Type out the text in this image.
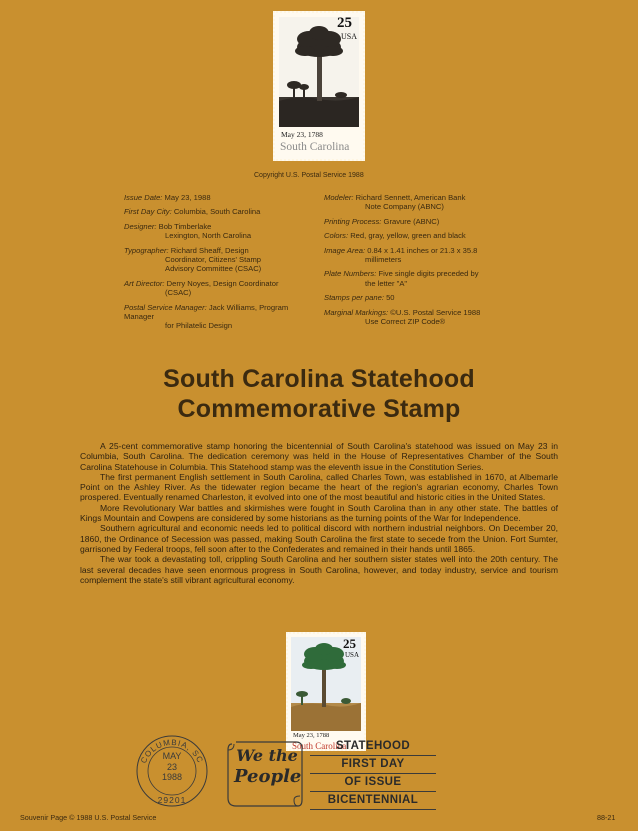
25
USA
May 23, 1788
South Carolina
Copyright U.S. Postal Service 1988
Issue Date: May 23, 1988
First Day City: Columbia, South Carolina
Designer: Bob Timberlake
Lexington, North Carolina
Typographer: Richard Sheaff, Design
Coordinator, Citizens' Stamp
Advisory Committee (CSAC)
Art Director: Derry Noyes, Design Coordinator
(CSAC)
Postal Service Manager: Jack Williams, Program Manager
for Philatelic Design
Modeler: Richard Sennett, American Bank
Note Company (ABNC)
Printing Process: Gravure (ABNC)
Colors: Red, gray, yellow, green and black
Image Area: 0.84 x 1.41 inches or 21.3 x 35.8
millimeters
Plate Numbers: Five single digits preceded by
the letter "A"
Stamps per pane: 50
Marginal Markings: ©U.S. Postal Service 1988
Use Correct ZIP Code®
South Carolina Statehood
Commemorative Stamp

A 25-cent commemorative stamp honoring the bicentennial of South Carolina's statehood was issued on May 23 in Columbia, South Carolina. The dedication ceremony was held in the House of Representatives Chamber of the South Carolina Statehouse in Columbia. This Statehood stamp was the eleventh issue in the Constitution Series.

The first permanent English settlement in South Carolina, called Charles Town, was established in 1670, at Albemarle Point on the Ashley River. As the tidewater region became the heart of the region's agrarian economy, Charles Town prospered. Eventually renamed Charleston, it evolved into one of the most beautiful and historic cities in the United States.

More Revolutionary War battles and skirmishes were fought in South Carolina than in any other state. The battles of Kings Mountain and Cowpens are considered by some historians as the turning points of the War for Independence.

Southern agricultural and economic needs led to political discord with northern industrial neighbors. On December 20, 1860, the Ordinance of Secession was passed, making South Carolina the first state to secede from the Union. Fort Sumter, garrisoned by Federal troops, fell soon after to the Confederates and remained in their hands until 1865.

The war took a devastating toll, crippling South Carolina and her southern sister states well into the 20th century. The last several decades have seen enormous progress in South Carolina, however, and today industry, service and tourism complement the state's still vibrant agricultural economy.

25
USA
May 23, 1788
South Carolina
COLUMBIA, SC
MAY
23
1988
29201
We the
People
STATEHOOD
FIRST DAY
OF ISSUE
BICENTENNIAL
Souvenir Page © 1988 U.S. Postal Service	88-21
